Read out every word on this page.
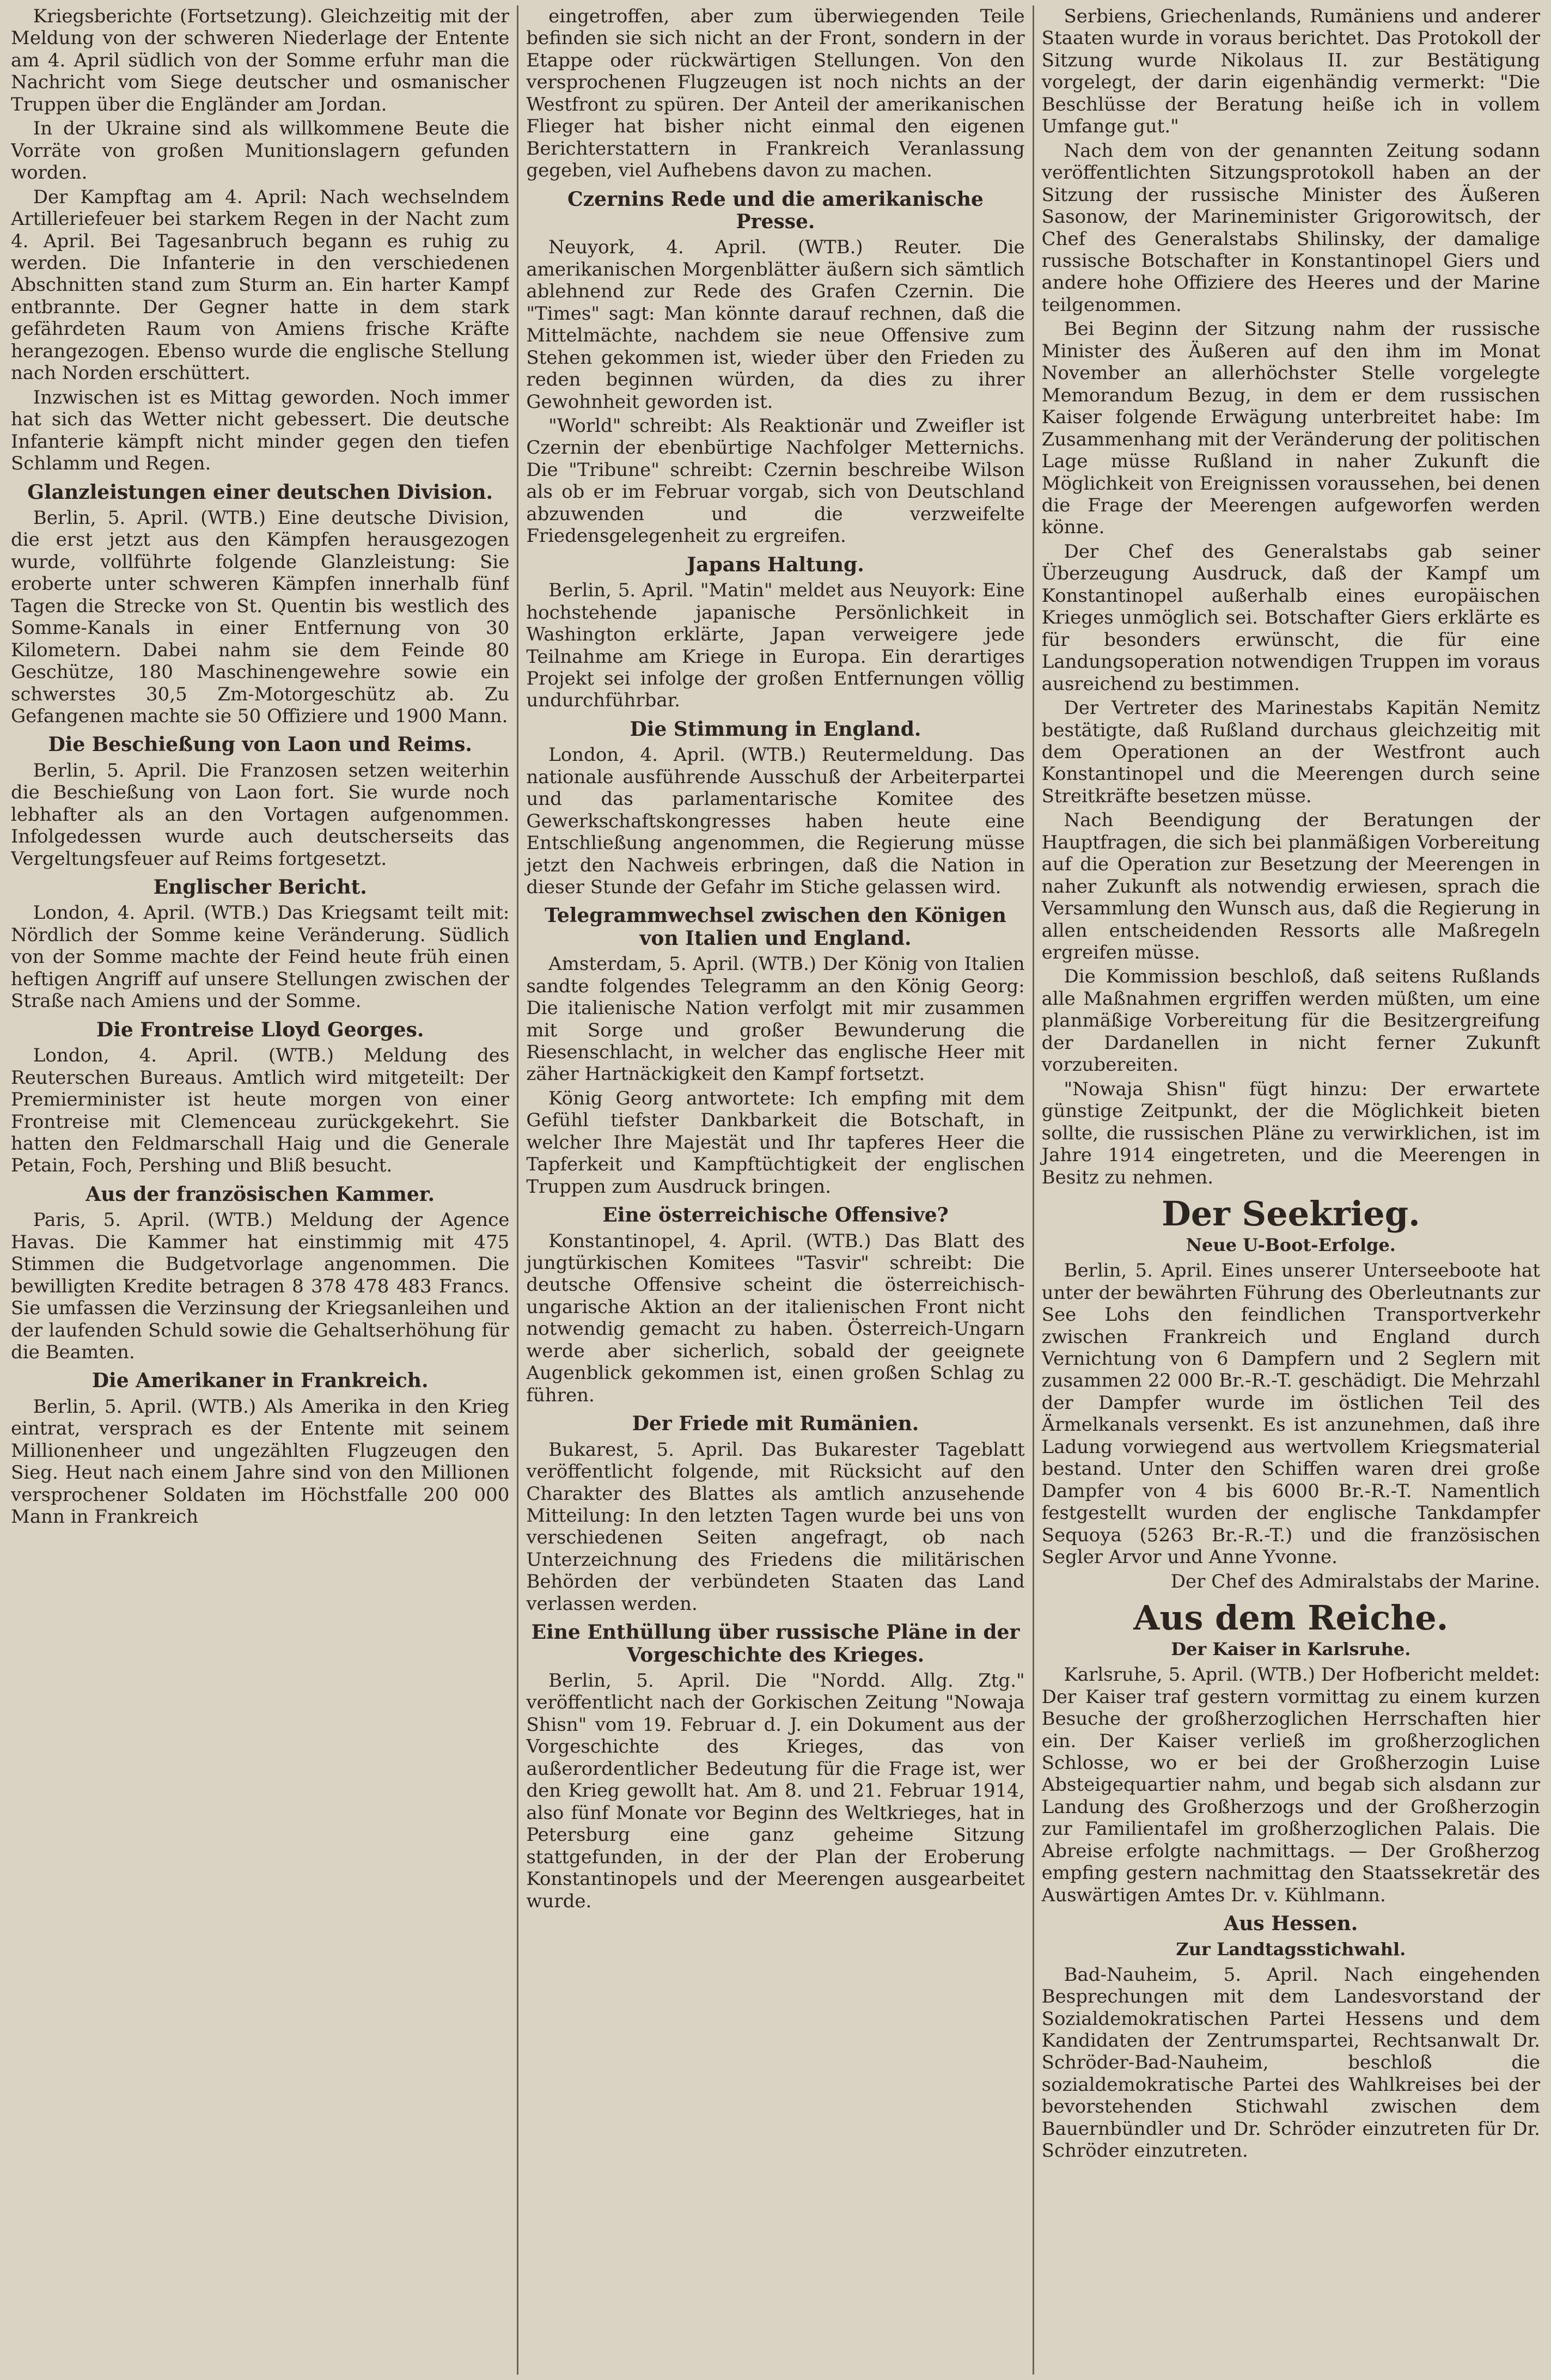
Kriegsberichte (Fortsetzung). Gleichzeitig mit der Meldung von der schweren Niederlage der Entente am 4. April südlich von der Somme erfuhr man die Nachricht vom Siege deutscher und osmanischer Truppen über die Engländer am Jordan.

In der Ukraine sind als willkommene Beute die Vorräte von großen Munitionslagern gefunden worden.

Der Kampftag am 4. April: Nach wechselndem Artilleriefeuer bei starkem Regen in der Nacht zum 4. April. Bei Tagesanbruch begann es ruhig zu werden. Die Infanterie in den verschiedenen Abschnitten stand zum Sturm an. Ein harter Kampf entbrannte. Der Gegner hatte in dem stark gefährdeten Raum von Amiens frische Kräfte herangezogen. Ebenso wurde die englische Stellung nach Norden erschüttert.

Inzwischen ist es Mittag geworden. Noch immer hat sich das Wetter nicht gebessert. Die deutsche Infanterie kämpft nicht minder gegen den tiefen Schlamm und Regen.

Glanzleistungen einer deutschen Division.

Berlin, 5. April. (WTB.) Eine deutsche Division, die erst jetzt aus den Kämpfen herausgezogen wurde, vollführte folgende Glanzleistung: Sie eroberte unter schweren Kämpfen innerhalb fünf Tagen die Strecke von St. Quentin bis westlich des Somme-Kanals in einer Entfernung von 30 Kilometern. Dabei nahm sie dem Feinde 80 Geschütze, 180 Maschinengewehre sowie ein schwerstes 30,5 Zm-Motorgeschütz ab. Zu Gefangenen machte sie 50 Offiziere und 1900 Mann.

Die Beschießung von Laon und Reims.

Berlin, 5. April. Die Franzosen setzen weiterhin die Beschießung von Laon fort. Sie wurde noch lebhafter als an den Vortagen aufgenommen. Infolgedessen wurde auch deutscherseits das Vergeltungsfeuer auf Reims fortgesetzt.

Englischer Bericht.

London, 4. April. (WTB.) Das Kriegsamt teilt mit: Nördlich der Somme keine Veränderung. Südlich von der Somme machte der Feind heute früh einen heftigen Angriff auf unsere Stellungen zwischen der Straße nach Amiens und der Somme.

Die Frontreise Lloyd Georges.

London, 4. April. (WTB.) Meldung des Reuterschen Bureaus. Amtlich wird mitgeteilt: Der Premierminister ist heute morgen von einer Frontreise mit Clemenceau zurückgekehrt. Sie hatten den Feldmarschall Haig und die Generale Petain, Foch, Pershing und Bliß besucht.

Aus der französischen Kammer.

Paris, 5. April. (WTB.) Meldung der Agence Havas. Die Kammer hat einstimmig mit 475 Stimmen die Budgetvorlage angenommen. Die bewilligten Kredite betragen 8 378 478 483 Francs. Sie umfassen die Verzinsung der Kriegsanleihen und der laufenden Schuld sowie die Gehaltserhöhung für die Beamten.

Die Amerikaner in Frankreich.

Berlin, 5. April. (WTB.) Als Amerika in den Krieg eintrat, versprach es der Entente mit seinem Millionenheer und ungezählten Flugzeugen den Sieg. Heut nach einem Jahre sind von den Millionen versprochener Soldaten im Höchstfalle 200 000 Mann in Frankreich

eingetroffen, aber zum überwiegenden Teile befinden sie sich nicht an der Front, sondern in der Etappe oder rückwärtigen Stellungen. Von den versprochenen Flugzeugen ist noch nichts an der Westfront zu spüren. Der Anteil der amerikanischen Flieger hat bisher nicht einmal den eigenen Berichterstattern in Frankreich Veranlassung gegeben, viel Aufhebens davon zu machen.

Czernins Rede und die amerikanische Presse.

Neuyork, 4. April. (WTB.) Reuter. Die amerikanischen Morgenblätter äußern sich sämtlich ablehnend zur Rede des Grafen Czernin. Die "Times" sagt: Man könnte darauf rechnen, daß die Mittelmächte, nachdem sie neue Offensive zum Stehen gekommen ist, wieder über den Frieden zu reden beginnen würden, da dies zu ihrer Gewohnheit geworden ist.

"World" schreibt: Als Reaktionär und Zweifler ist Czernin der ebenbürtige Nachfolger Metternichs. Die "Tribune" schreibt: Czernin beschreibe Wilson als ob er im Februar vorgab, sich von Deutschland abzuwenden und die verzweifelte Friedensgelegenheit zu ergreifen.

Japans Haltung.

Berlin, 5. April. "Matin" meldet aus Neuyork: Eine hochstehende japanische Persönlichkeit in Washington erklärte, Japan verweigere jede Teilnahme am Kriege in Europa. Ein derartiges Projekt sei infolge der großen Entfernungen völlig undurchführbar.

Die Stimmung in England.

London, 4. April. (WTB.) Reutermeldung. Das nationale ausführende Ausschuß der Arbeiterpartei und das parlamentarische Komitee des Gewerkschaftskongresses haben heute eine Entschließung angenommen, die Regierung müsse jetzt den Nachweis erbringen, daß die Nation in dieser Stunde der Gefahr im Stiche gelassen wird.

Telegrammwechsel zwischen den Königen von Italien und England.

Amsterdam, 5. April. (WTB.) Der König von Italien sandte folgendes Telegramm an den König Georg: Die italienische Nation verfolgt mit mir zusammen mit Sorge und großer Bewunderung die Riesenschlacht, in welcher das englische Heer mit zäher Hartnäckigkeit den Kampf fortsetzt.

König Georg antwortete: Ich empfing mit dem Gefühl tiefster Dankbarkeit die Botschaft, in welcher Ihre Majestät und Ihr tapferes Heer die Tapferkeit und Kampftüchtigkeit der englischen Truppen zum Ausdruck bringen.

Eine österreichische Offensive?

Konstantinopel, 4. April. (WTB.) Das Blatt des jungtürkischen Komitees "Tasvir" schreibt: Die deutsche Offensive scheint die österreichisch-ungarische Aktion an der italienischen Front nicht notwendig gemacht zu haben. Österreich-Ungarn werde aber sicherlich, sobald der geeignete Augenblick gekommen ist, einen großen Schlag zu führen.

Der Friede mit Rumänien.

Bukarest, 5. April. Das Bukarester Tageblatt veröffentlicht folgende, mit Rücksicht auf den Charakter des Blattes als amtlich anzusehende Mitteilung: In den letzten Tagen wurde bei uns von verschiedenen Seiten angefragt, ob nach Unterzeichnung des Friedens die militärischen Behörden der verbündeten Staaten das Land verlassen werden.

Eine Enthüllung über russische Pläne in der Vorgeschichte des Krieges.

Berlin, 5. April. Die "Nordd. Allg. Ztg." veröffentlicht nach der Gorkischen Zeitung "Nowaja Shisn" vom 19. Februar d. J. ein Dokument aus der Vorgeschichte des Krieges, das von außerordentlicher Bedeutung für die Frage ist, wer den Krieg gewollt hat. Am 8. und 21. Februar 1914, also fünf Monate vor Beginn des Weltkrieges, hat in Petersburg eine ganz geheime Sitzung stattgefunden, in der der Plan der Eroberung Konstantinopels und der Meerengen ausgearbeitet wurde.

Serbiens, Griechenlands, Rumäniens und anderer Staaten wurde in voraus berichtet. Das Protokoll der Sitzung wurde Nikolaus II. zur Bestätigung vorgelegt, der darin eigenhändig vermerkt: "Die Beschlüsse der Beratung heiße ich in vollem Umfange gut."

Nach dem von der genannten Zeitung sodann veröffentlichten Sitzungsprotokoll haben an der Sitzung der russische Minister des Äußeren Sasonow, der Marineminister Grigorowitsch, der Chef des Generalstabs Shilinsky, der damalige russische Botschafter in Konstantinopel Giers und andere hohe Offiziere des Heeres und der Marine teilgenommen.

Bei Beginn der Sitzung nahm der russische Minister des Äußeren auf den ihm im Monat November an allerhöchster Stelle vorgelegte Memorandum Bezug, in dem er dem russischen Kaiser folgende Erwägung unterbreitet habe: Im Zusammenhang mit der Veränderung der politischen Lage müsse Rußland in naher Zukunft die Möglichkeit von Ereignissen voraussehen, bei denen die Frage der Meerengen aufgeworfen werden könne.

Der Chef des Generalstabs gab seiner Überzeugung Ausdruck, daß der Kampf um Konstantinopel außerhalb eines europäischen Krieges unmöglich sei. Botschafter Giers erklärte es für besonders erwünscht, die für eine Landungsoperation notwendigen Truppen im voraus ausreichend zu bestimmen.

Der Vertreter des Marinestabs Kapitän Nemitz bestätigte, daß Rußland durchaus gleichzeitig mit dem Operationen an der Westfront auch Konstantinopel und die Meerengen durch seine Streitkräfte besetzen müsse.

Nach Beendigung der Beratungen der Hauptfragen, die sich bei planmäßigen Vorbereitung auf die Operation zur Besetzung der Meerengen in naher Zukunft als notwendig erwiesen, sprach die Versammlung den Wunsch aus, daß die Regierung in allen entscheidenden Ressorts alle Maßregeln ergreifen müsse.

Die Kommission beschloß, daß seitens Rußlands alle Maßnahmen ergriffen werden müßten, um eine planmäßige Vorbereitung für die Besitzergreifung der Dardanellen in nicht ferner Zukunft vorzubereiten.

"Nowaja Shisn" fügt hinzu: Der erwartete günstige Zeitpunkt, der die Möglichkeit bieten sollte, die russischen Pläne zu verwirklichen, ist im Jahre 1914 eingetreten, und die Meerengen in Besitz zu nehmen.

Der Seekrieg.
Neue U-Boot-Erfolge.

Berlin, 5. April. Eines unserer Unterseeboote hat unter der bewährten Führung des Oberleutnants zur See Lohs den feindlichen Transportverkehr zwischen Frankreich und England durch Vernichtung von 6 Dampfern und 2 Seglern mit zusammen 22 000 Br.-R.-T. geschädigt. Die Mehrzahl der Dampfer wurde im östlichen Teil des Ärmelkanals versenkt. Es ist anzunehmen, daß ihre Ladung vorwiegend aus wertvollem Kriegsmaterial bestand. Unter den Schiffen waren drei große Dampfer von 4 bis 6000 Br.-R.-T. Namentlich festgestellt wurden der englische Tankdampfer Sequoya (5263 Br.-R.-T.) und die französischen Segler Arvor und Anne Yvonne.

Der Chef des Admiralstabs der Marine.

Aus dem Reiche.
Der Kaiser in Karlsruhe.

Karlsruhe, 5. April. (WTB.) Der Hofbericht meldet: Der Kaiser traf gestern vormittag zu einem kurzen Besuche der großherzoglichen Herrschaften hier ein. Der Kaiser verließ im großherzoglichen Schlosse, wo er bei der Großherzogin Luise Absteigequartier nahm, und begab sich alsdann zur Landung des Großherzogs und der Großherzogin zur Familientafel im großherzoglichen Palais. Die Abreise erfolgte nachmittags. — Der Großherzog empfing gestern nachmittag den Staatssekretär des Auswärtigen Amtes Dr. v. Kühlmann.

Aus Hessen.
Zur Landtagsstichwahl.

Bad-Nauheim, 5. April. Nach eingehenden Besprechungen mit dem Landesvorstand der Sozialdemokratischen Partei Hessens und dem Kandidaten der Zentrumspartei, Rechtsanwalt Dr. Schröder-Bad-Nauheim, beschloß die sozialdemokratische Partei des Wahlkreises bei der bevorstehenden Stichwahl zwischen dem Bauernbündler und Dr. Schröder einzutreten für Dr. Schröder einzutreten.
